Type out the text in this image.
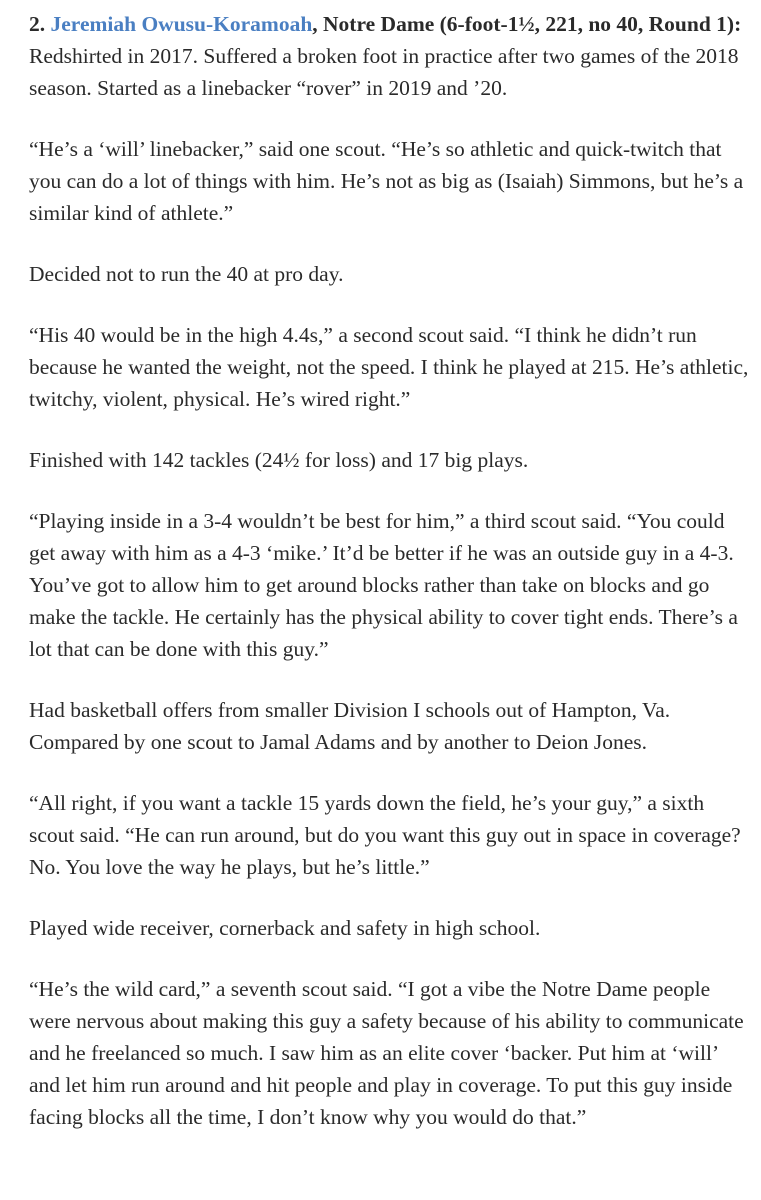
2. Jeremiah Owusu-Koramoah, Notre Dame (6-foot-1½, 221, no 40, Round 1): Redshirted in 2017. Suffered a broken foot in practice after two games of the 2018 season. Started as a linebacker “rover” in 2019 and ’20.

“He’s a ‘will’ linebacker,” said one scout. “He’s so athletic and quick-twitch that you can do a lot of things with him. He’s not as big as (Isaiah) Simmons, but he’s a similar kind of athlete.”

Decided not to run the 40 at pro day.

“His 40 would be in the high 4.4s,” a second scout said. “I think he didn’t run because he wanted the weight, not the speed. I think he played at 215. He’s athletic, twitchy, violent, physical. He’s wired right.”

Finished with 142 tackles (24½ for loss) and 17 big plays.

“Playing inside in a 3-4 wouldn’t be best for him,” a third scout said. “You could get away with him as a 4-3 ‘mike.’ It’d be better if he was an outside guy in a 4-3. You’ve got to allow him to get around blocks rather than take on blocks and go make the tackle. He certainly has the physical ability to cover tight ends. There’s a lot that can be done with this guy.”

Had basketball offers from smaller Division I schools out of Hampton, Va. Compared by one scout to Jamal Adams and by another to Deion Jones.

“All right, if you want a tackle 15 yards down the field, he’s your guy,” a sixth scout said. “He can run around, but do you want this guy out in space in coverage? No. You love the way he plays, but he’s little.”

Played wide receiver, cornerback and safety in high school.

“He’s the wild card,” a seventh scout said. “I got a vibe the Notre Dame people were nervous about making this guy a safety because of his ability to communicate and he freelanced so much. I saw him as an elite cover ‘backer. Put him at ‘will’ and let him run around and hit people and play in coverage. To put this guy inside facing blocks all the time, I don’t know why you would do that.”
